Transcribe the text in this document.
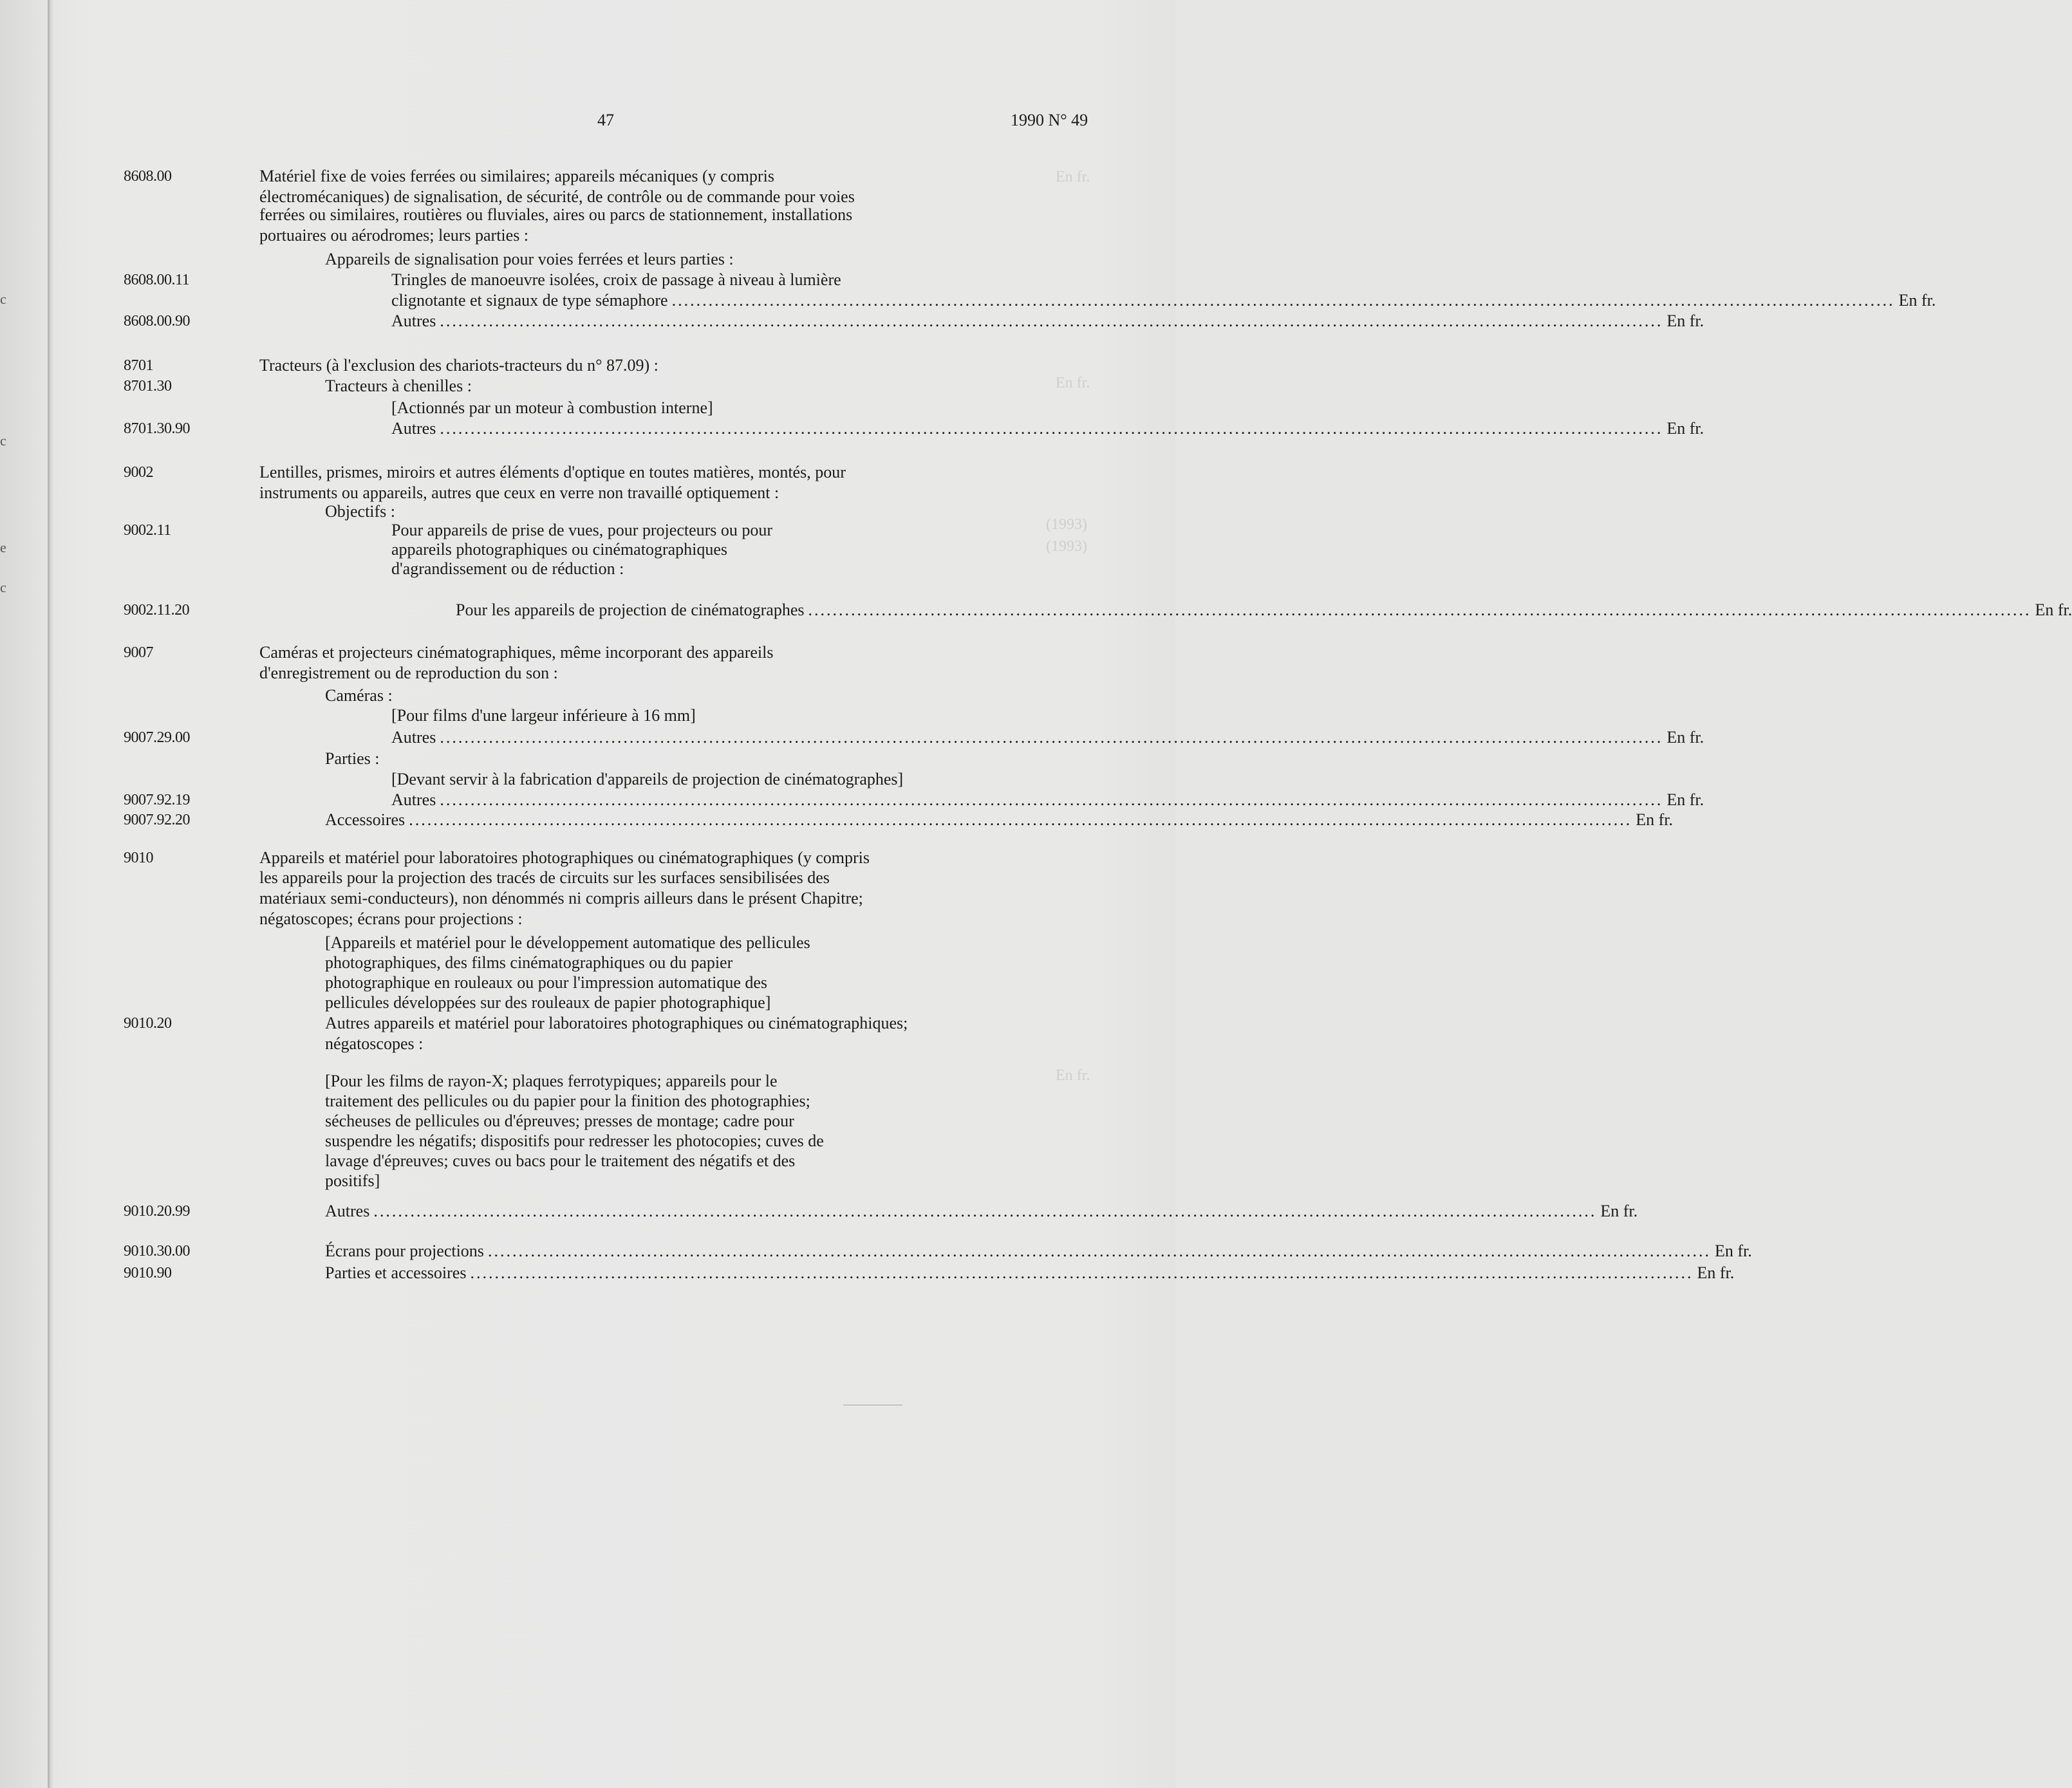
c
c
e
c
En fr.
En fr.
(1993)
(1993)
En fr.
47	1990 N° 49
8608.00	Matériel fixe de voies ferrées ou similaires; appareils mécaniques (y compris
électromécaniques) de signalisation, de sécurité, de contrôle ou de commande pour voies
ferrées ou similaires, routières ou fluviales, aires ou parcs de stationnement, installations
portuaires ou aérodromes; leurs parties :
Appareils de signalisation pour voies ferrées et leurs parties :
8608.00.11	Tringles de manoeuvre isolées, croix de passage à niveau à lumière
clignotante et signaux de type sémaphore ........................................................................................................................................................................................................ En fr.
8608.00.90	Autres ........................................................................................................................................................................................................ En fr.
8701	Tracteurs (à l'exclusion des chariots-tracteurs du n° 87.09) :
8701.30	Tracteurs à chenilles :
[Actionnés par un moteur à combustion interne]
8701.30.90	Autres ........................................................................................................................................................................................................ En fr.
9002	Lentilles, prismes, miroirs et autres éléments d'optique en toutes matières, montés, pour
instruments ou appareils, autres que ceux en verre non travaillé optiquement :
Objectifs :
9002.11	Pour appareils de prise de vues, pour projecteurs ou pour
appareils photographiques ou cinématographiques
d'agrandissement ou de réduction :
9002.11.20	Pour les appareils de projection de cinématographes ........................................................................................................................................................................................................ En fr.
9007	Caméras et projecteurs cinématographiques, même incorporant des appareils
d'enregistrement ou de reproduction du son :
Caméras :
[Pour films d'une largeur inférieure à 16 mm]
9007.29.00	Autres ........................................................................................................................................................................................................ En fr.
Parties :
[Devant servir à la fabrication d'appareils de projection de cinématographes]
9007.92.19	Autres ........................................................................................................................................................................................................ En fr.
9007.92.20	Accessoires ........................................................................................................................................................................................................ En fr.
9010	Appareils et matériel pour laboratoires photographiques ou cinématographiques (y compris
les appareils pour la projection des tracés de circuits sur les surfaces sensibilisées des
matériaux semi-conducteurs), non dénommés ni compris ailleurs dans le présent Chapitre;
négatoscopes; écrans pour projections :
[Appareils et matériel pour le développement automatique des pellicules
photographiques, des films cinématographiques ou du papier
photographique en rouleaux ou pour l'impression automatique des
pellicules développées sur des rouleaux de papier photographique]
9010.20	Autres appareils et matériel pour laboratoires photographiques ou cinématographiques;
négatoscopes :
[Pour les films de rayon-X; plaques ferrotypiques; appareils pour le
traitement des pellicules ou du papier pour la finition des photographies;
sécheuses de pellicules ou d'épreuves; presses de montage; cadre pour
suspendre les négatifs; dispositifs pour redresser les photocopies; cuves de
lavage d'épreuves; cuves ou bacs pour le traitement des négatifs et des
positifs]
9010.20.99	Autres ........................................................................................................................................................................................................ En fr.
9010.30.00	Écrans pour projections ........................................................................................................................................................................................................ En fr.
9010.90	Parties et accessoires ........................................................................................................................................................................................................ En fr.
